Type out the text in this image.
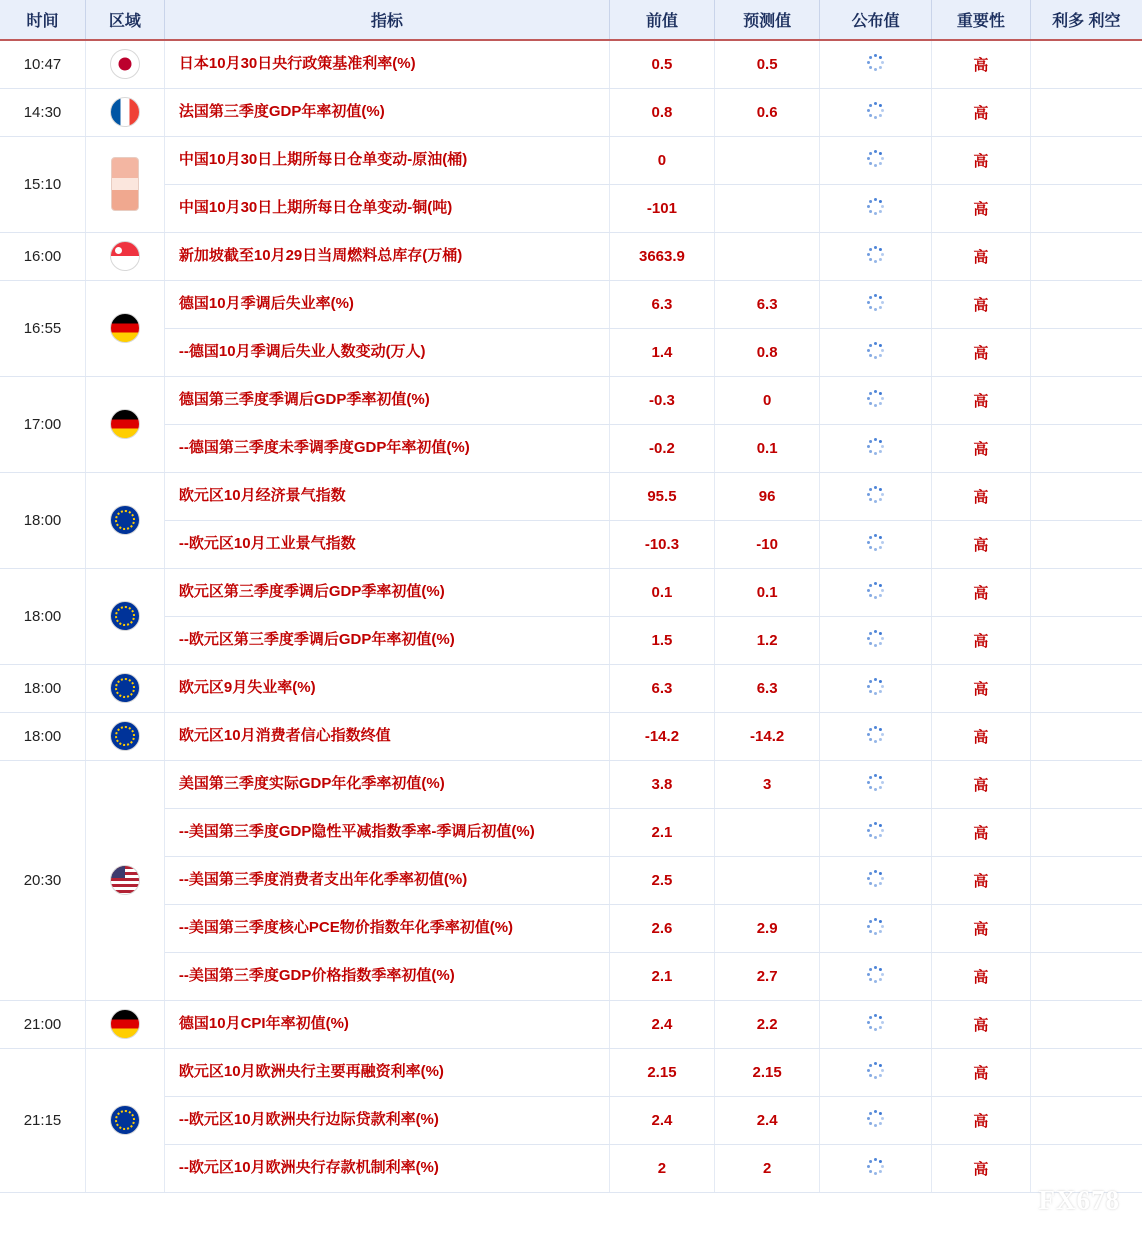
时间	区域	指标	前值	预测值	公布值	重要性	利多 利空
10:47		日本10月30日央行政策基准利率(%)	0.5	0.5		高	
14:30		法国第三季度GDP年率初值(%)	0.8	0.6		高	
15:10		中国10月30日上期所每日仓单变动-原油(桶)	0			高	
		中国10月30日上期所每日仓单变动-铜(吨)	-101			高	
16:00		新加坡截至10月29日当周燃料总库存(万桶)	3663.9			高	
16:55		德国10月季调后失业率(%)	6.3	6.3		高	
		--德国10月季调后失业人数变动(万人)	1.4	0.8		高	
17:00		德国第三季度季调后GDP季率初值(%)	-0.3	0		高	
		--德国第三季度未季调季度GDP年率初值(%)	-0.2	0.1		高	
18:00		欧元区10月经济景气指数	95.5	96		高	
		--欧元区10月工业景气指数	-10.3	-10		高	
18:00		欧元区第三季度季调后GDP季率初值(%)	0.1	0.1		高	
		--欧元区第三季度季调后GDP年率初值(%)	1.5	1.2		高	
18:00		欧元区9月失业率(%)	6.3	6.3		高	
18:00		欧元区10月消费者信心指数终值	-14.2	-14.2		高	
20:30		美国第三季度实际GDP年化季率初值(%)	3.8	3		高	
		--美国第三季度GDP隐性平减指数季率-季调后初值(%)	2.1			高	
		--美国第三季度消费者支出年化季率初值(%)	2.5			高	
		--美国第三季度核心PCE物价指数年化季率初值(%)	2.6	2.9		高	
		--美国第三季度GDP价格指数季率初值(%)	2.1	2.7		高	
21:00		德国10月CPI年率初值(%)	2.4	2.2		高	
21:15		欧元区10月欧洲央行主要再融资利率(%)	2.15	2.15		高	
		--欧元区10月欧洲央行边际贷款利率(%)	2.4	2.4		高	
		--欧元区10月欧洲央行存款机制利率(%)	2	2		高	
FX678
